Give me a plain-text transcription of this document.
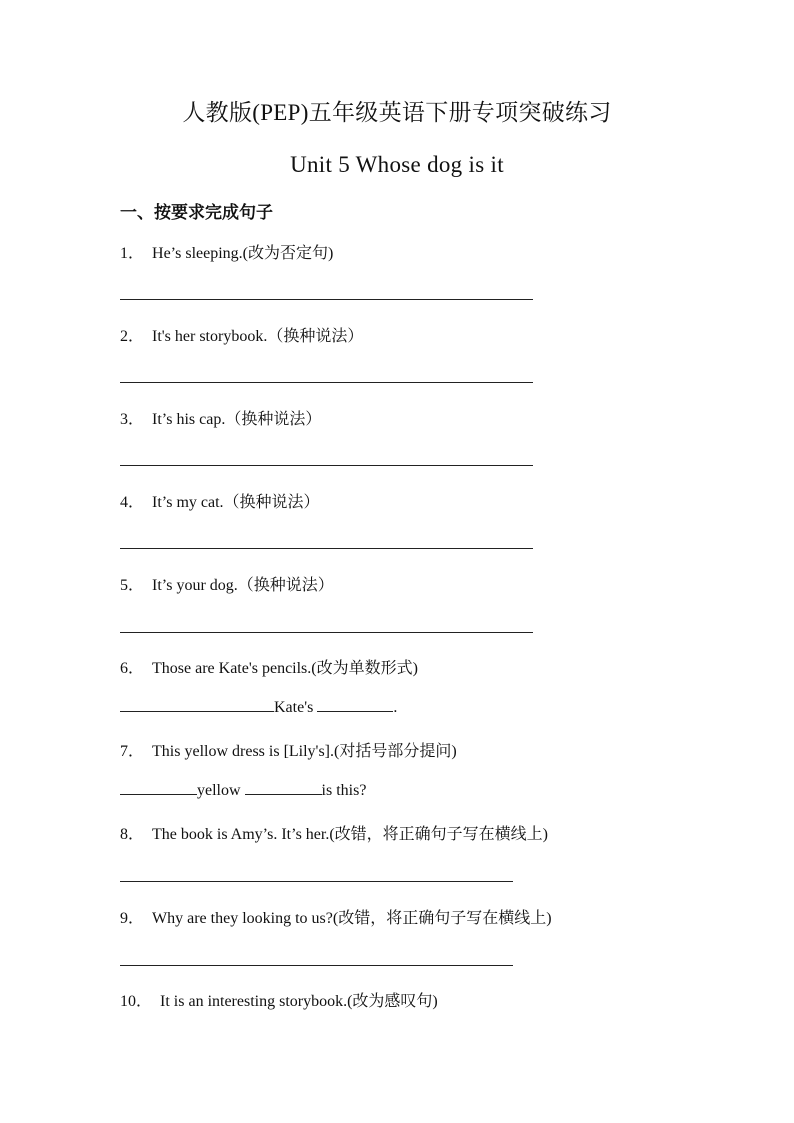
人教版(PEP)五年级英语下册专项突破练习
Unit 5 Whose dog is it
一、按要求完成句子
1． He’s sleeping.(改为否定句)
2． It's her storybook.（换种说法）
3． It’s his cap.（换种说法）
4． It’s my cat.（换种说法）
5． It’s your dog.（换种说法）
6． Those are Kate's pencils.(改为单数形式)
Kate's	.
7． This yellow dress is [Lily's].(对括号部分提问)
yellow	is this?
8． The book is Amy’s. It’s her.(改错，将正确句子写在横线上)
9． Why are they looking to us?(改错，将正确句子写在横线上)
10． It is an interesting storybook.(改为感叹句)
